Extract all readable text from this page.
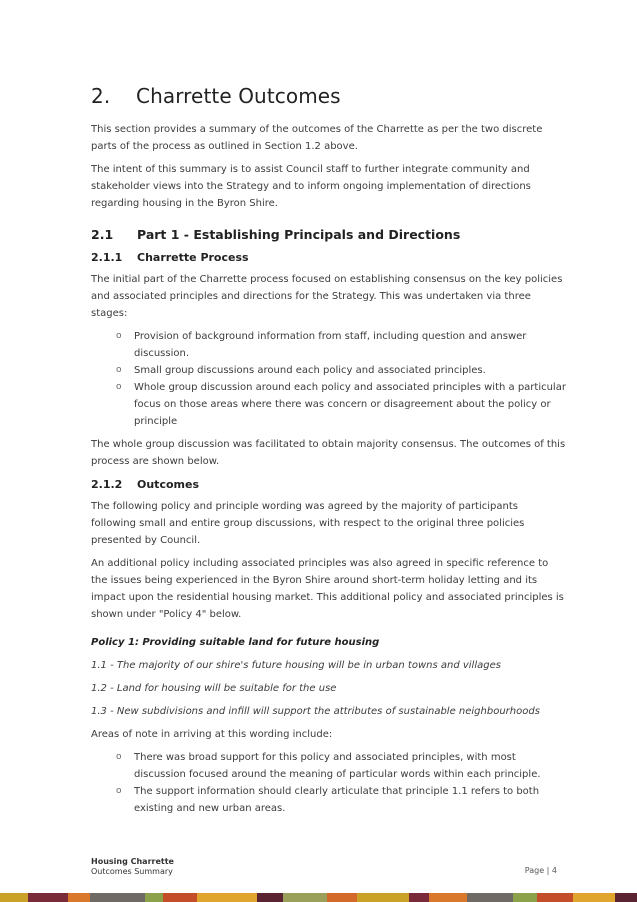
2. Charrette Outcomes

This section provides a summary of the outcomes of the Charrette as per the two discrete parts of the process as outlined in Section 1.2 above.

The intent of this summary is to assist Council staff to further integrate community and stakeholder views into the Strategy and to inform ongoing implementation of directions regarding housing in the Byron Shire.

2.1 Part 1 - Establishing Principals and Directions
2.1.1 Charrette Process

The initial part of the Charrette process focused on establishing consensus on the key policies and associated principles and directions for the Strategy. This was undertaken via three stages:

o Provision of background information from staff, including question and answer discussion.
o Small group discussions around each policy and associated principles.
o Whole group discussion around each policy and associated principles with a particular focus on those areas where there was concern or disagreement about the policy or principle

The whole group discussion was facilitated to obtain majority consensus. The outcomes of this process are shown below.

2.1.2 Outcomes

The following policy and principle wording was agreed by the majority of participants following small and entire group discussions, with respect to the original three policies presented by Council.

An additional policy including associated principles was also agreed in specific reference to the issues being experienced in the Byron Shire around short-term holiday letting and its impact upon the residential housing market. This additional policy and associated principles is shown under "Policy 4" below.

Policy 1: Providing suitable land for future housing

1.1 - The majority of our shire's future housing will be in urban towns and villages

1.2 - Land for housing will be suitable for the use

1.3 - New subdivisions and infill will support the attributes of sustainable neighbourhoods

Areas of note in arriving at this wording include:

o There was broad support for this policy and associated principles, with most discussion focused around the meaning of particular words within each principle.
o The support information should clearly articulate that principle 1.1 refers to both existing and new urban areas.
Housing Charrette
Outcomes Summary	Page | 4
